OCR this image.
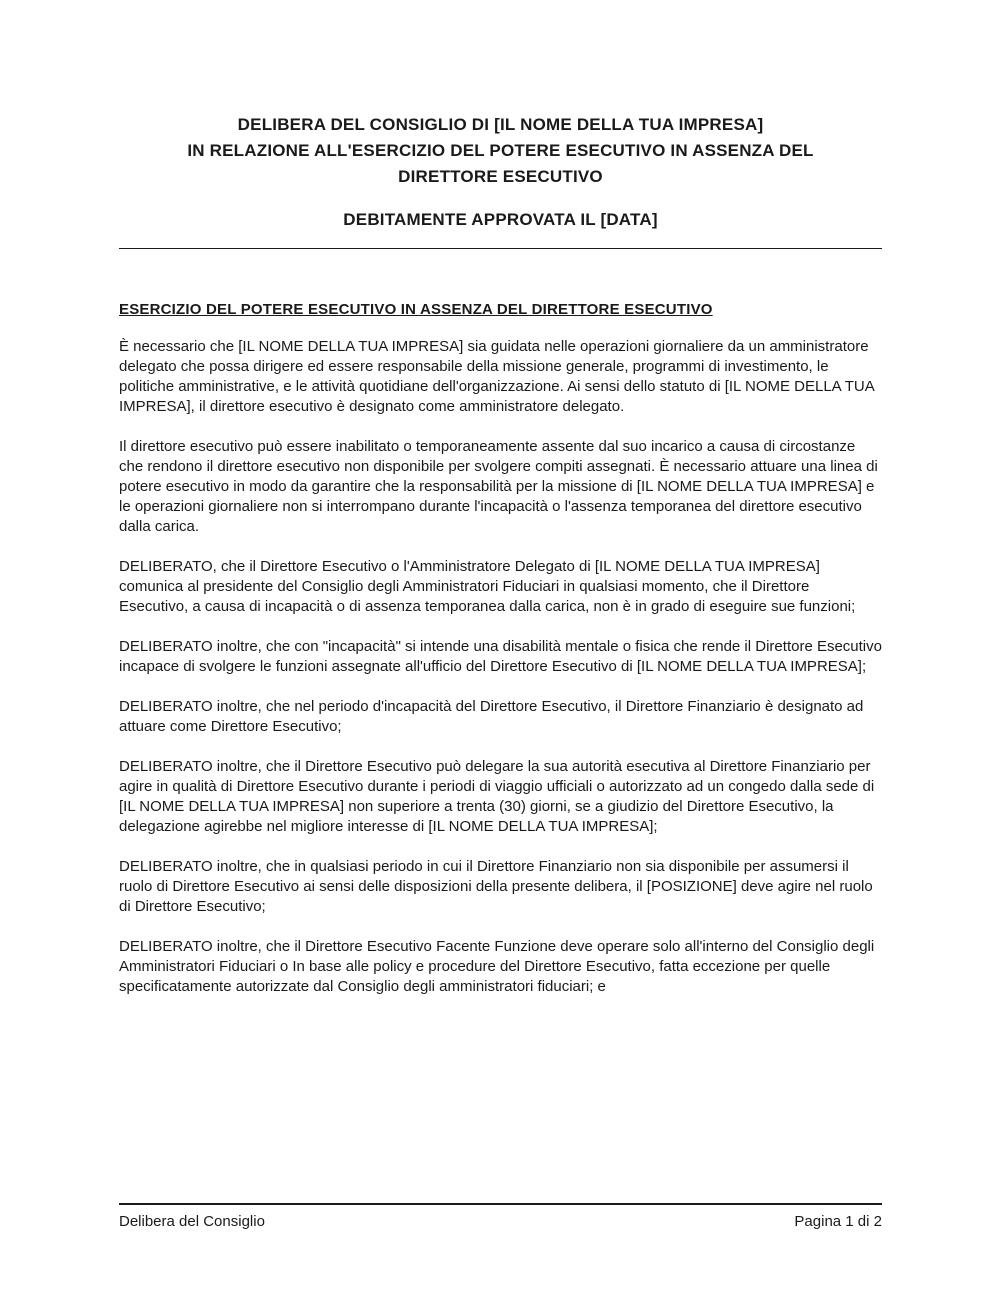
DELIBERA DEL CONSIGLIO DI [IL NOME DELLA TUA IMPRESA]
IN RELAZIONE ALL'ESERCIZIO DEL POTERE ESECUTIVO IN ASSENZA DEL
DIRETTORE ESECUTIVO
DEBITAMENTE APPROVATA IL [DATA]
ESERCIZIO DEL POTERE ESECUTIVO IN ASSENZA DEL DIRETTORE ESECUTIVO

È necessario che [IL NOME DELLA TUA IMPRESA] sia guidata nelle operazioni giornaliere da un amministratore delegato che possa dirigere ed essere responsabile della missione generale, programmi di investimento, le politiche amministrative, e le attività quotidiane dell'organizzazione. Ai sensi dello statuto di [IL NOME DELLA TUA IMPRESA], il direttore esecutivo è designato come amministratore delegato.

Il direttore esecutivo può essere inabilitato o temporaneamente assente dal suo incarico a causa di circostanze che rendono il direttore esecutivo non disponibile per svolgere compiti assegnati. È necessario attuare una linea di potere esecutivo in modo da garantire che la responsabilità per la missione di [IL NOME DELLA TUA IMPRESA] e le operazioni giornaliere non si interrompano durante l'incapacità o l'assenza temporanea del direttore esecutivo dalla carica.

DELIBERATO, che il Direttore Esecutivo o l'Amministratore Delegato di [IL NOME DELLA TUA IMPRESA] comunica al presidente del Consiglio degli Amministratori Fiduciari in qualsiasi momento, che il Direttore Esecutivo, a causa di incapacità o di assenza temporanea dalla carica, non è in grado di eseguire sue funzioni;

DELIBERATO inoltre, che con "incapacità" si intende una disabilità mentale o fisica che rende il Direttore Esecutivo incapace di svolgere le funzioni assegnate all'ufficio del Direttore Esecutivo di [IL NOME DELLA TUA IMPRESA];

DELIBERATO inoltre, che nel periodo d'incapacità del Direttore Esecutivo, il Direttore Finanziario è designato ad attuare come Direttore Esecutivo;

DELIBERATO inoltre, che il Direttore Esecutivo può delegare la sua autorità esecutiva al Direttore Finanziario per agire in qualità di Direttore Esecutivo durante i periodi di viaggio ufficiali o autorizzato ad un congedo dalla sede di [IL NOME DELLA TUA IMPRESA] non superiore a trenta (30) giorni, se a giudizio del Direttore Esecutivo, la delegazione agirebbe nel migliore interesse di [IL NOME DELLA TUA IMPRESA];

DELIBERATO inoltre, che in qualsiasi periodo in cui il Direttore Finanziario non sia disponibile per assumersi il ruolo di Direttore Esecutivo ai sensi delle disposizioni della presente delibera, il [POSIZIONE] deve agire nel ruolo di Direttore Esecutivo;

DELIBERATO inoltre, che il Direttore Esecutivo Facente Funzione deve operare solo all'interno del Consiglio degli Amministratori Fiduciari o In base alle policy e procedure del Direttore Esecutivo, fatta eccezione per quelle specificatamente autorizzate dal Consiglio degli amministratori fiduciari; e

Delibera del Consiglio	Pagina 1 di 2
